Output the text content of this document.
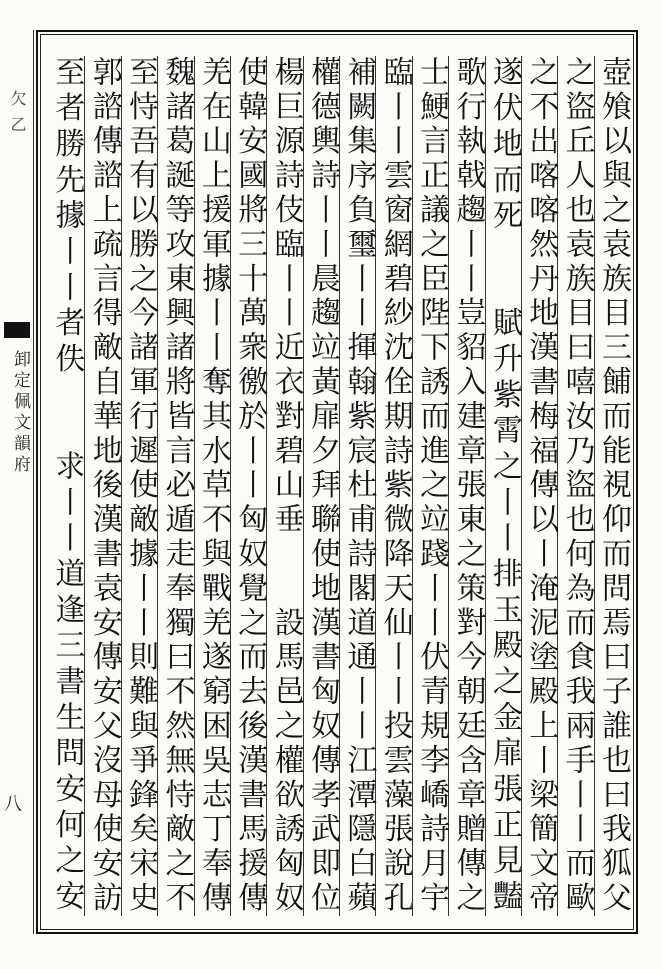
欠乙
卸定佩文韻府
八	壺飧以與之袁族目三餔而能視仰而問焉曰子誰也曰我狐父
之盜丘人也袁族目曰嘻汝乃盜也何為而食我兩手丨丨而歐
之不出喀喀然丹地漢書梅福傳以丨淹泥塗殿上丨梁簡文帝
遂伏地而死　　賦升紫霄之丨丨排玉殿之金扉張正見豔
歌行執戟趨丨丨豈貂入建章張東之策對今朝廷含章贈傳之
士鯁言正議之臣陛下誘而進之竝踐丨丨伏青規李嶠詩月宇
臨丨丨雲窗網碧紗沈佺期詩紫微降天仙丨丨投雲藻張說孔
補闕集序負璽丨丨揮翰紫宸杜甫詩閣道通丨丨江潭隱白蘋
權德輿詩丨丨晨趨竝黃扉夕拜聯使地漢書匈奴傳孝武即位
楊巨源詩伎臨丨丨近衣對碧山垂　　設馬邑之權欲誘匈奴
使韓安國將三十萬衆徼於丨丨匈奴覺之而去後漢書馬援傳
羌在山上援軍據丨丨奪其水草不與戰羌遂窮困吳志丁奉傳
魏諸葛誕等攻東興諸將皆言必遁走奉獨曰不然無恃敵之不
至恃吾有以勝之今諸軍行遲使敵據丨丨則難與爭鋒矣宋史
郭諮傳諮上疏言得敵自華地後漢書袁安傳安父沒母使安訪
至者勝先據丨丨者佚　　求丨丨道逢三書生問安何之安
